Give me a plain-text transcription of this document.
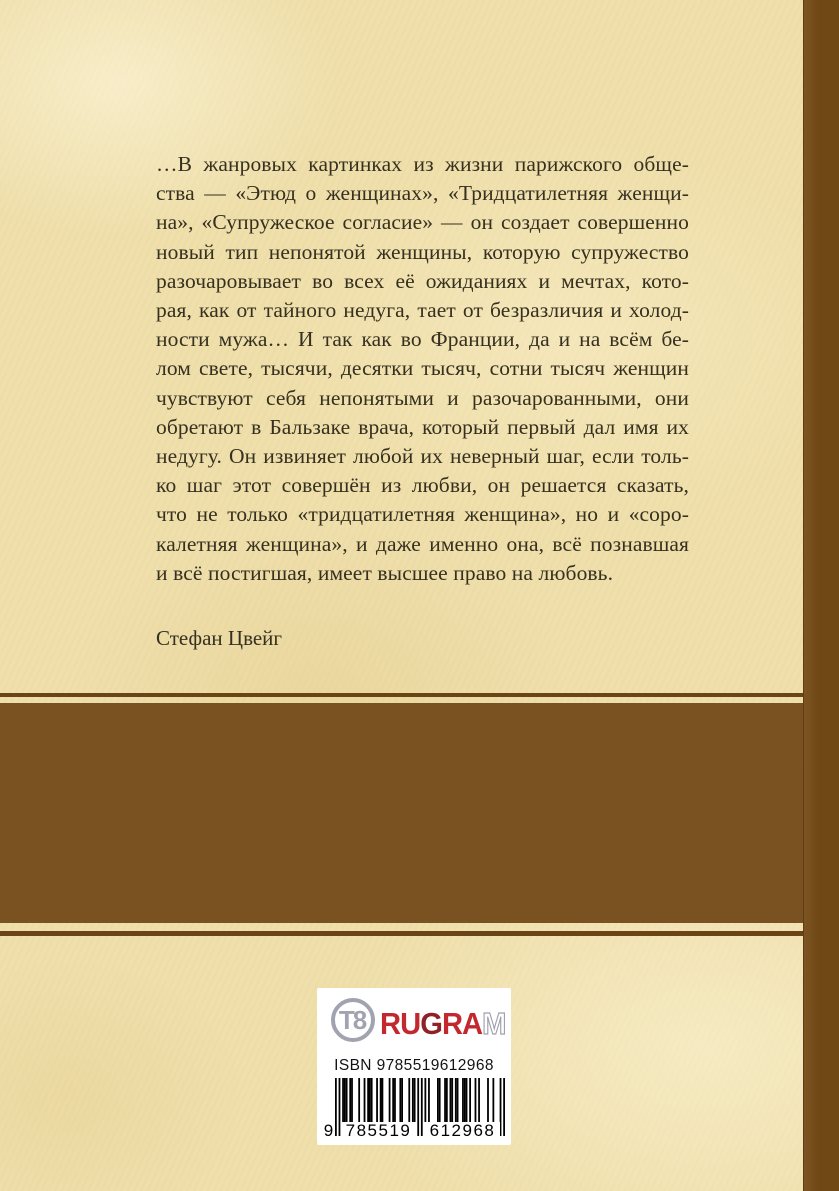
…В жанровых картинках из жизни парижского обще-
ства — «Этюд о женщинах», «Тридцатилетняя женщи-
на», «Супружеское согласие» — он создает совершенно
новый тип непонятой женщины, которую супружество
разочаровывает во всех её ожиданиях и мечтах, кото-
рая, как от тайного недуга, тает от безразличия и холод-
ности мужа… И так как во Франции, да и на всём бе-
лом свете, тысячи, десятки тысяч, сотни тысяч женщин
чувствуют себя непонятыми и разочарованными, они
обретают в Бальзаке врача, который первый дал имя их
недугу. Он извиняет любой их неверный шаг, если толь-
ко шаг этот совершён из любви, он решается сказать,
что не только «тридцатилетняя женщина», но и «соро-
калетняя женщина», и даже именно она, всё познавшая
и всё постигшая, имеет высшее право на любовь.
Стефан Цвейг
Т8 RUGRAM
ISBN 9785519612968
9 785519 612968
